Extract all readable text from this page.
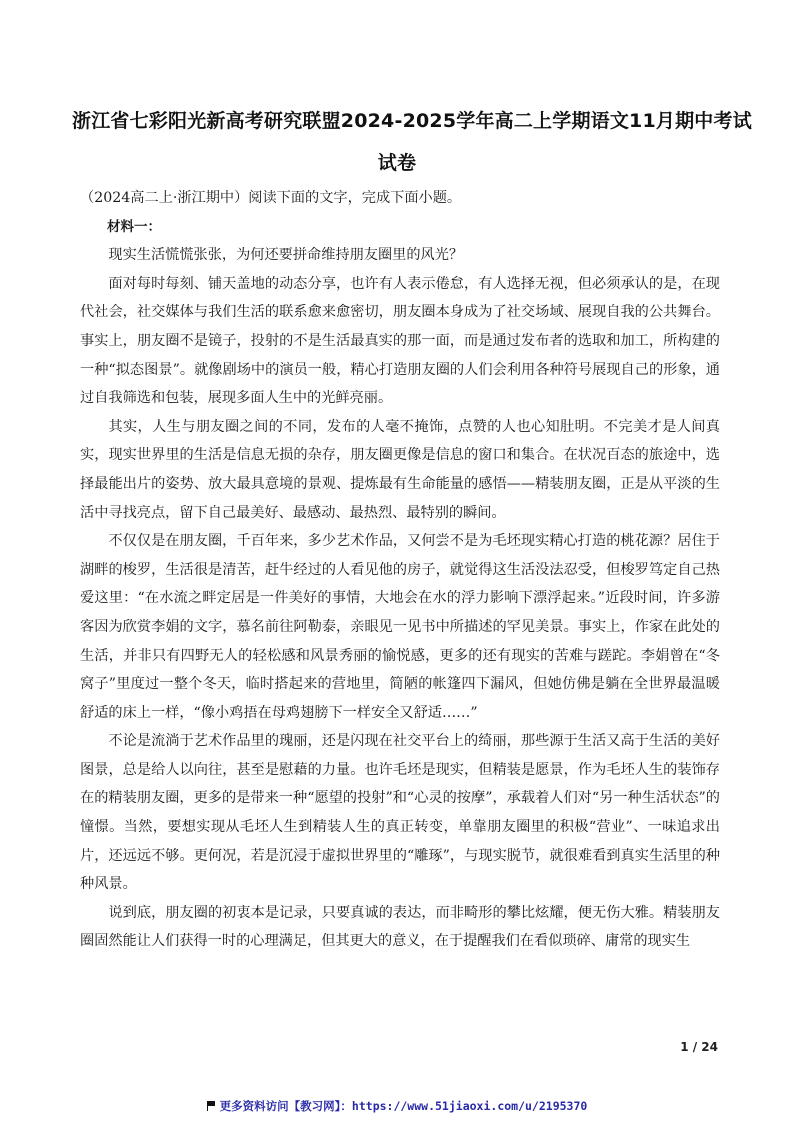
浙江省七彩阳光新高考研究联盟2024-2025学年高二上学期语文11月期中考试
试卷

（2024高二上·浙江期中）阅读下面的文字，完成下面小题。

材料一：

现实生活慌慌张张，为何还要拼命维持朋友圈里的风光？

面对每时每刻、铺天盖地的动态分享，也许有人表示倦怠，有人选择无视，但必须承认的是，在现代社会，社交媒体与我们生活的联系愈来愈密切，朋友圈本身成为了社交场域、展现自我的公共舞台。事实上，朋友圈不是镜子，投射的不是生活最真实的那一面，而是通过发布者的选取和加工，所构建的一种“拟态图景”。就像剧场中的演员一般，精心打造朋友圈的人们会利用各种符号展现自己的形象，通过自我筛选和包装，展现多面人生中的光鲜亮丽。

其实，人生与朋友圈之间的不同，发布的人毫不掩饰，点赞的人也心知肚明。不完美才是人间真实，现实世界里的生活是信息无损的杂存，朋友圈更像是信息的窗口和集合。在状况百态的旅途中，选择最能出片的姿势、放大最具意境的景观、提炼最有生命能量的感悟——精装朋友圈，正是从平淡的生活中寻找亮点，留下自己最美好、最感动、最热烈、最特别的瞬间。

不仅仅是在朋友圈，千百年来，多少艺术作品，又何尝不是为毛坯现实精心打造的桃花源？居住于湖畔的梭罗，生活很是清苦，赶牛经过的人看见他的房子，就觉得这生活没法忍受，但梭罗笃定自己热爱这里：“在水流之畔定居是一件美好的事情，大地会在水的浮力影响下漂浮起来。”近段时间，许多游客因为欣赏李娟的文字，慕名前往阿勒泰，亲眼见一见书中所描述的罕见美景。事实上，作家在此处的生活，并非只有四野无人的轻松感和风景秀丽的愉悦感，更多的还有现实的苦难与蹉跎。李娟曾在“冬窝子”里度过一整个冬天，临时搭起来的营地里，简陋的帐篷四下漏风，但她仿佛是躺在全世界最温暖舒适的床上一样，“像小鸡捂在母鸡翅膀下一样安全又舒适……”

不论是流淌于艺术作品里的瑰丽，还是闪现在社交平台上的绮丽，那些源于生活又高于生活的美好图景，总是给人以向往，甚至是慰藉的力量。也许毛坯是现实，但精装是愿景，作为毛坯人生的装饰存在的精装朋友圈，更多的是带来一种“愿望的投射”和“心灵的按摩”，承载着人们对“另一种生活状态”的憧憬。当然，要想实现从毛坯人生到精装人生的真正转变，单靠朋友圈里的积极“营业”、一味追求出片，还远远不够。更何况，若是沉浸于虚拟世界里的“雕琢”，与现实脱节，就很难看到真实生活里的种种风景。

说到底，朋友圈的初衷本是记录，只要真诚的表达，而非畸形的攀比炫耀，便无伤大雅。精装朋友圈固然能让人们获得一时的心理满足，但其更大的意义，在于提醒我们在看似琐碎、庸常的现实生

1 / 24
更多资料访问【教习网】：https://www.51jiaoxi.com/u/2195370
